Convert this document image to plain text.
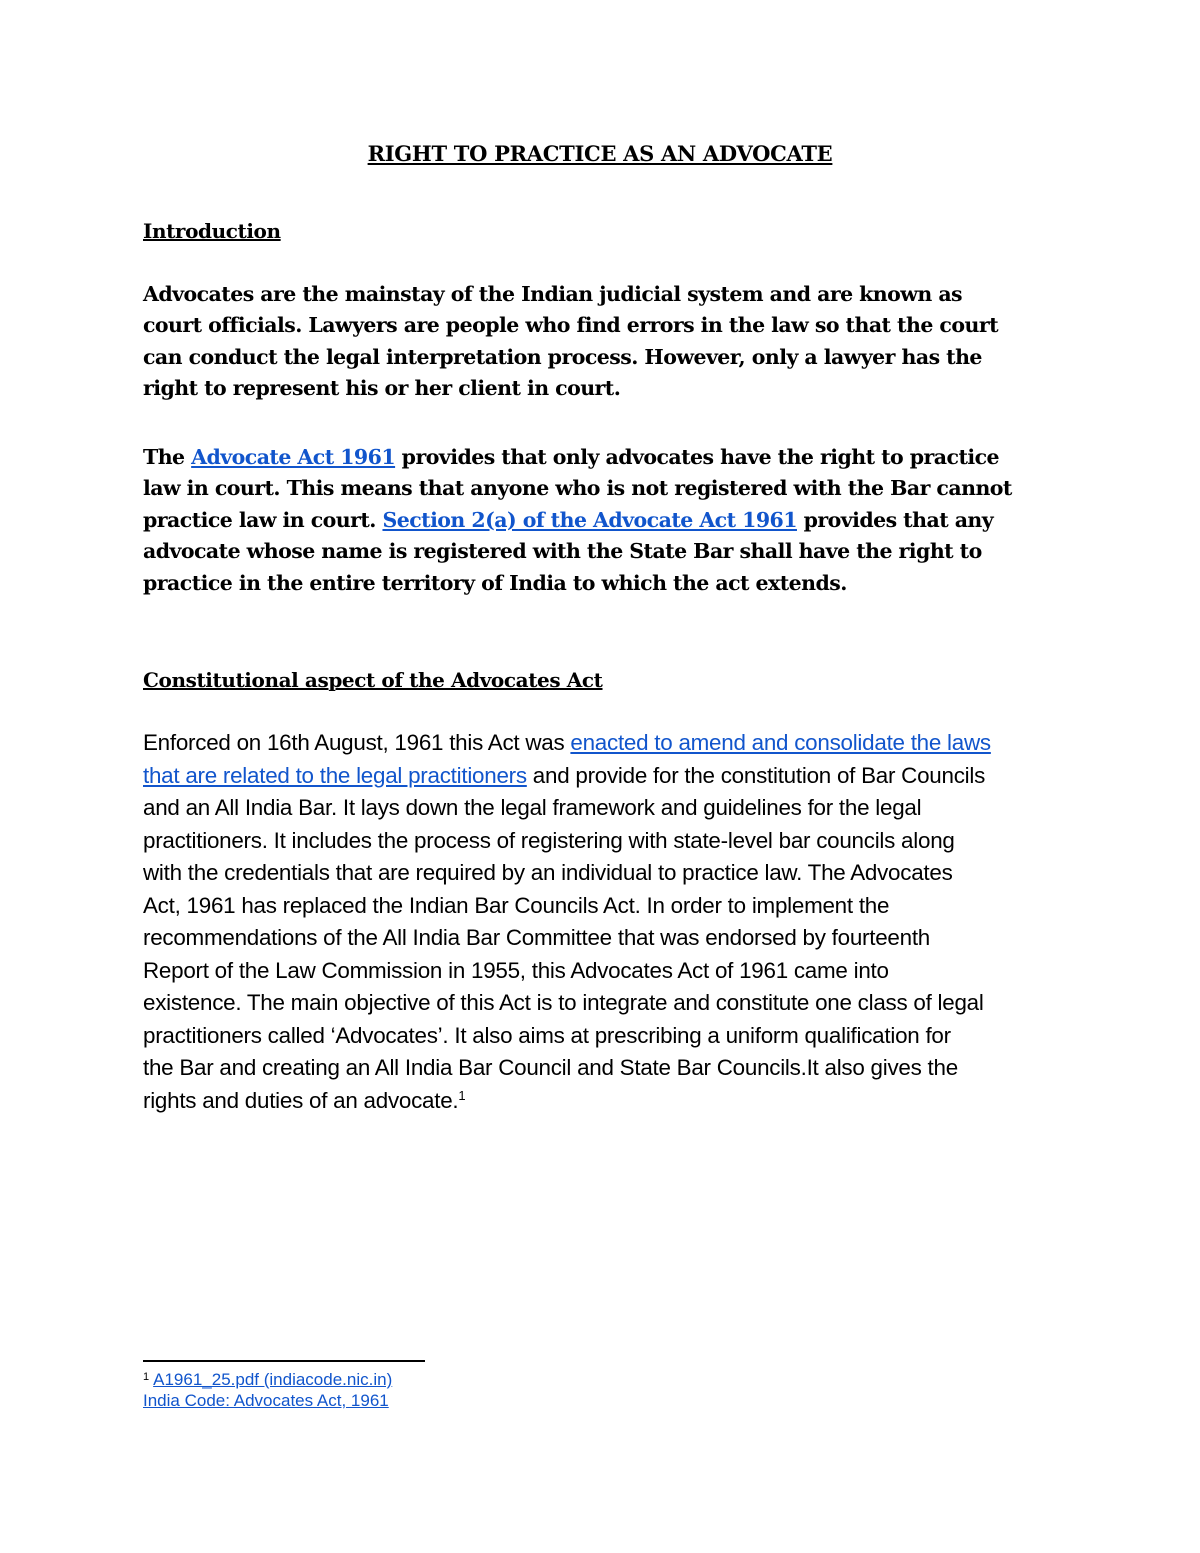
RIGHT TO PRACTICE AS AN ADVOCATE
Introduction
Advocates are the mainstay of the Indian judicial system and are known as
court officials. Lawyers are people who find errors in the law so that the court
can conduct the legal interpretation process. However, only a lawyer has the
right to represent his or her client in court.
The Advocate Act 1961 provides that only advocates have the right to practice
law in court. This means that anyone who is not registered with the Bar cannot
practice law in court. Section 2(a) of the Advocate Act 1961 provides that any
advocate whose name is registered with the State Bar shall have the right to
practice in the entire territory of India to which the act extends.
Constitutional aspect of the Advocates Act
Enforced on 16th August, 1961 this Act was enacted to amend and consolidate the laws
that are related to the legal practitioners and provide for the constitution of Bar Councils
and an All India Bar. It lays down the legal framework and guidelines for the legal
practitioners. It includes the process of registering with state-level bar councils along
with the credentials that are required by an individual to practice law. The Advocates
Act, 1961 has replaced the Indian Bar Councils Act. In order to implement the
recommendations of the All India Bar Committee that was endorsed by fourteenth
Report of the Law Commission in 1955, this Advocates Act of 1961 came into
existence. The main objective of this Act is to integrate and constitute one class of legal
practitioners called ‘Advocates’. It also aims at prescribing a uniform qualification for
the Bar and creating an All India Bar Council and State Bar Councils.It also gives the
rights and duties of an advocate.$^1$
$^1$ A1961_25.pdf (indiacode.nic.in)
India Code: Advocates Act, 1961
